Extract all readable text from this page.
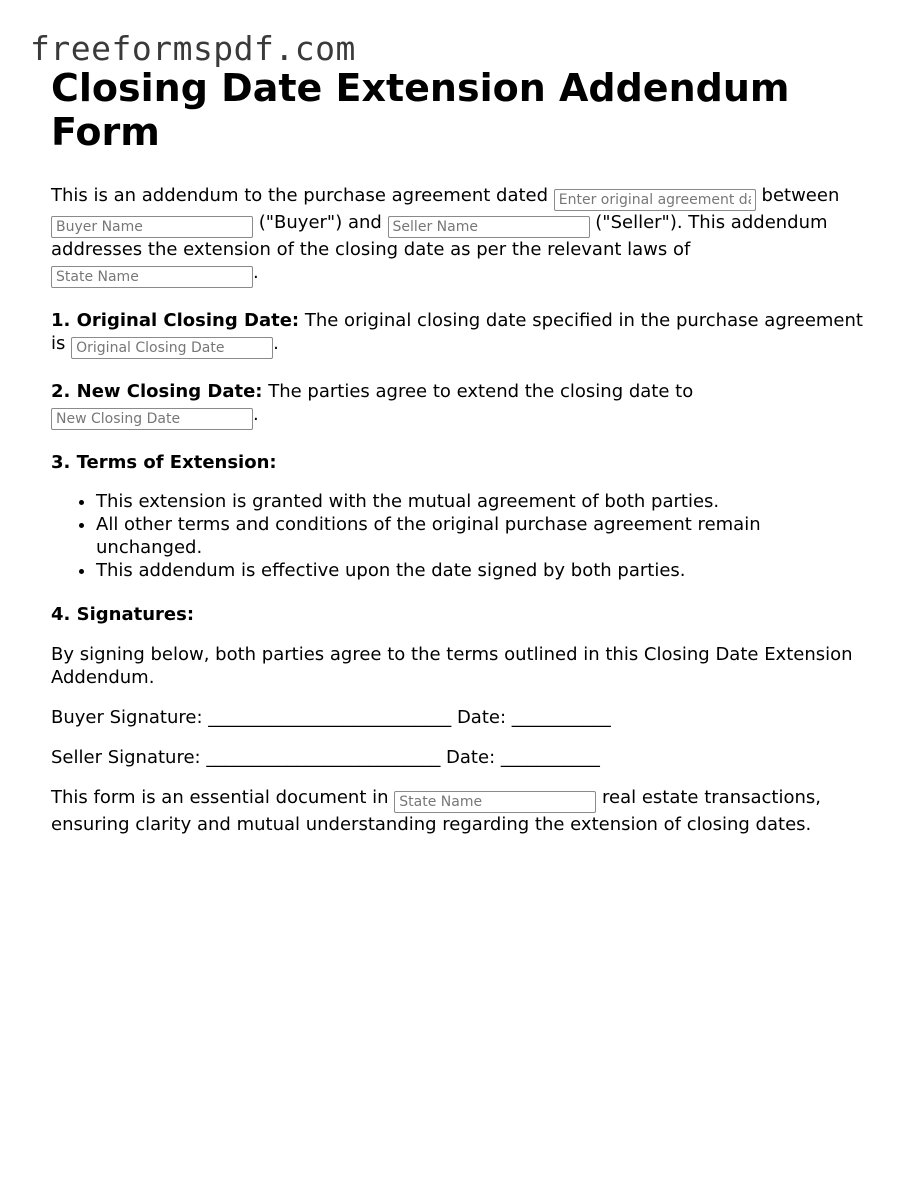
freeformspdf.com
Closing Date Extension Addendum Form

This is an addendum to the purchase agreement dated Enter original agreement date	between Buyer Name ("Buyer") and Seller Name	("Seller"). This addendum addresses the extension of the closing date as per the relevant laws of State Name.

1. Original Closing Date: The original closing date specified in the purchase agreement is Original Closing Date	.

2. New Closing Date: The parties agree to extend the closing date to New Closing Date.

3. Terms of Extension:

• This extension is granted with the mutual agreement of both parties.
• All other terms and conditions of the original purchase agreement remain unchanged.
• This addendum is effective upon the date signed by both parties.

4. Signatures:

By signing below, both parties agree to the terms outlined in this Closing Date Extension Addendum.

Buyer Signature: ___________________________ Date: ___________

Seller Signature: __________________________ Date: ___________

This form is an essential document in State Name	real estate transactions, ensuring clarity and mutual understanding regarding the extension of closing dates.
